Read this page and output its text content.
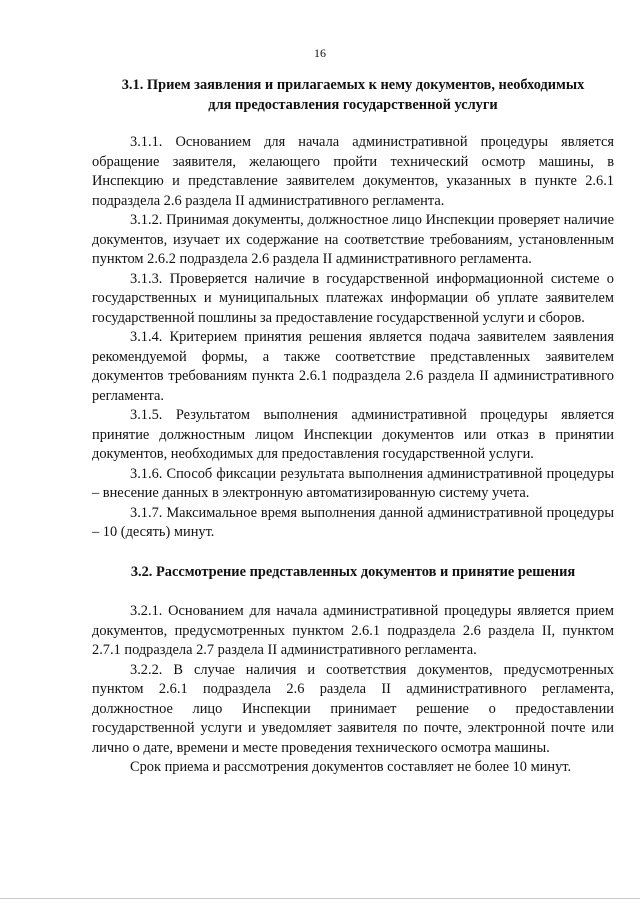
16
3.1. Прием заявления и прилагаемых к нему документов, необходимых
для предоставления государственной услуги

3.1.1. Основанием для начала административной процедуры является обращение заявителя, желающего пройти технический осмотр машины, в Инспекцию и представление заявителем документов, указанных в пункте 2.6.1 подраздела 2.6 раздела II административного регламента.

3.1.2. Принимая документы, должностное лицо Инспекции проверяет наличие документов, изучает их содержание на соответствие требованиям, установленным пунктом 2.6.2 подраздела 2.6 раздела II административного регламента.

3.1.3. Проверяется наличие в государственной информационной системе о государственных и муниципальных платежах информации об уплате заявителем государственной пошлины за предоставление государственной услуги и сборов.

3.1.4. Критерием принятия решения является подача заявителем заявления рекомендуемой формы, а также соответствие представленных заявителем документов требованиям пункта 2.6.1 подраздела 2.6 раздела II административного регламента.

3.1.5. Результатом выполнения административной процедуры является принятие должностным лицом Инспекции документов или отказ в принятии документов, необходимых для предоставления государственной услуги.

3.1.6. Способ фиксации результата выполнения административной процедуры – внесение данных в электронную автоматизированную систему учета.

3.1.7. Максимальное время выполнения данной административной процедуры – 10 (десять) минут.

3.2. Рассмотрение представленных документов и принятие решения

3.2.1. Основанием для начала административной процедуры является прием документов, предусмотренных пунктом 2.6.1 подраздела 2.6 раздела II, пунктом 2.7.1 подраздела 2.7 раздела II административного регламента.

3.2.2. В случае наличия и соответствия документов, предусмотренных пунктом 2.6.1 подраздела 2.6 раздела II административного регламента, должностное лицо Инспекции принимает решение о предоставлении государственной услуги и уведомляет заявителя по почте, электронной почте или лично о дате, времени и месте проведения технического осмотра машины.

Срок приема и рассмотрения документов составляет не более 10 минут.
